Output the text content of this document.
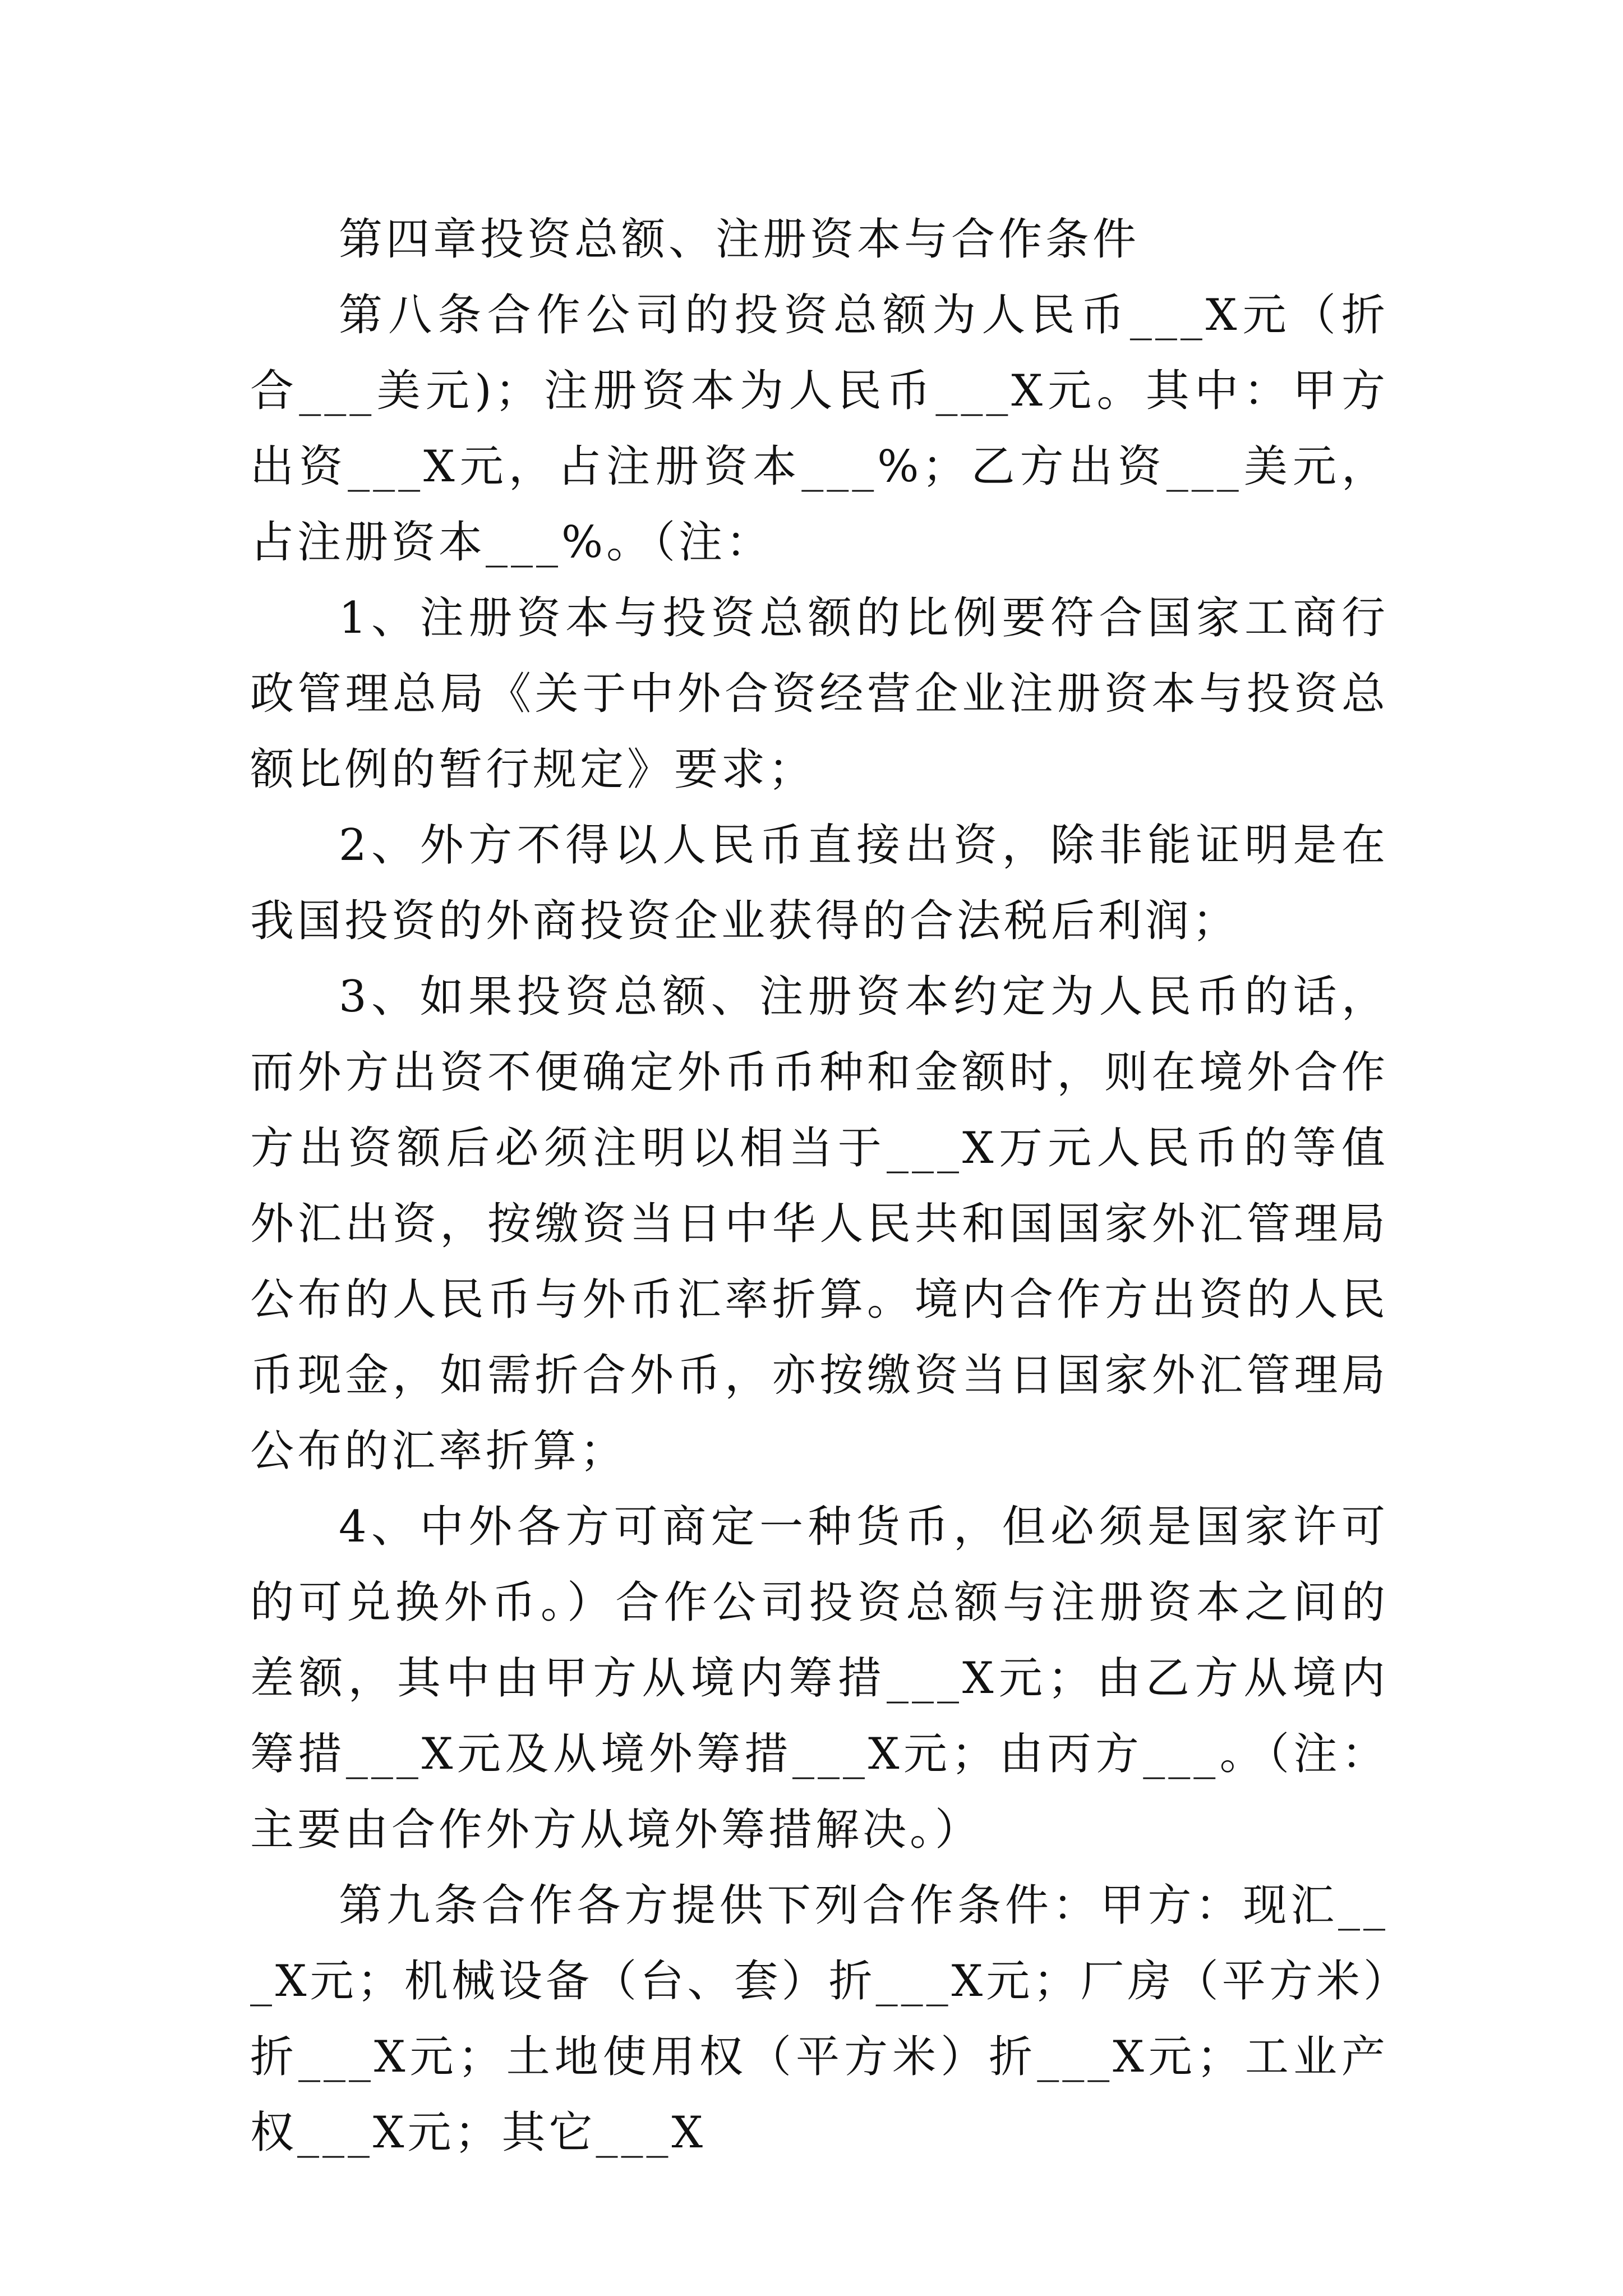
第四章投资总额、注册资本与合作条件

第八条合作公司的投资总额为人民币___X元（折合___美元)；注册资本为人民币___X元。其中：甲方出资___X元，占注册资本___%；乙方出资___美元，占注册资本___%。（注：

1、注册资本与投资总额的比例要符合国家工商行政管理总局《关于中外合资经营企业注册资本与投资总额比例的暂行规定》要求；

2、外方不得以人民币直接出资，除非能证明是在我国投资的外商投资企业获得的合法税后利润；

3、如果投资总额、注册资本约定为人民币的话，而外方出资不便确定外币币种和金额时，则在境外合作方出资额后必须注明以相当于___X万元人民币的等值外汇出资，按缴资当日中华人民共和国国家外汇管理局公布的人民币与外币汇率折算。境内合作方出资的人民币现金，如需折合外币，亦按缴资当日国家外汇管理局公布的汇率折算；

4、中外各方可商定一种货币，但必须是国家许可的可兑换外币。）合作公司投资总额与注册资本之间的差额，其中由甲方从境内筹措___X元；由乙方从境内筹措___X元及从境外筹措___X元；由丙方___。（注：主要由合作外方从境外筹措解决。）

第九条合作各方提供下列合作条件：甲方：现汇___X元；机械设备（台、套）折___X元；厂房（平方米）折___X元；土地使用权（平方米）折___X元；工业产权___X元；其它___X
